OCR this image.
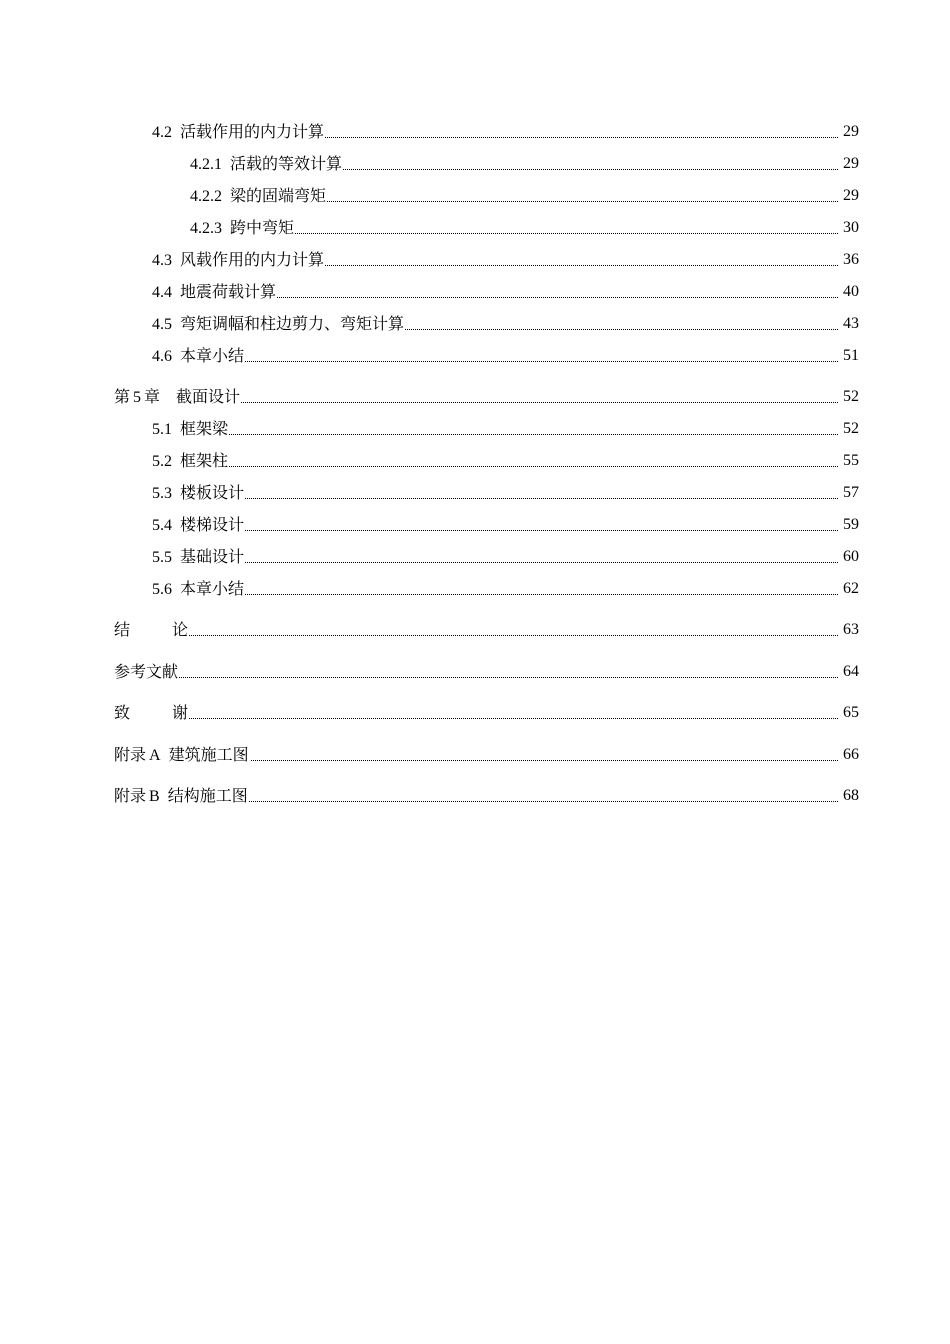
4.2 活载作用的内力计算	29
4.2.1 活载的等效计算	29
4.2.2 梁的固端弯矩	29
4.2.3 跨中弯矩	30
4.3 风载作用的内力计算	36
4.4 地震荷载计算	40
4.5 弯矩调幅和柱边剪力、弯矩计算	43
4.6 本章小结	51
第 5 章 截面设计	52
5.1 框架梁	52
5.2 框架柱	55
5.3 楼板设计	57
5.4 楼梯设计	59
5.5 基础设计	60
5.6 本章小结	62
结	论	63
参考文献	64
致	谢	65
附录 A 建筑施工图	66
附录 B 结构施工图	68
